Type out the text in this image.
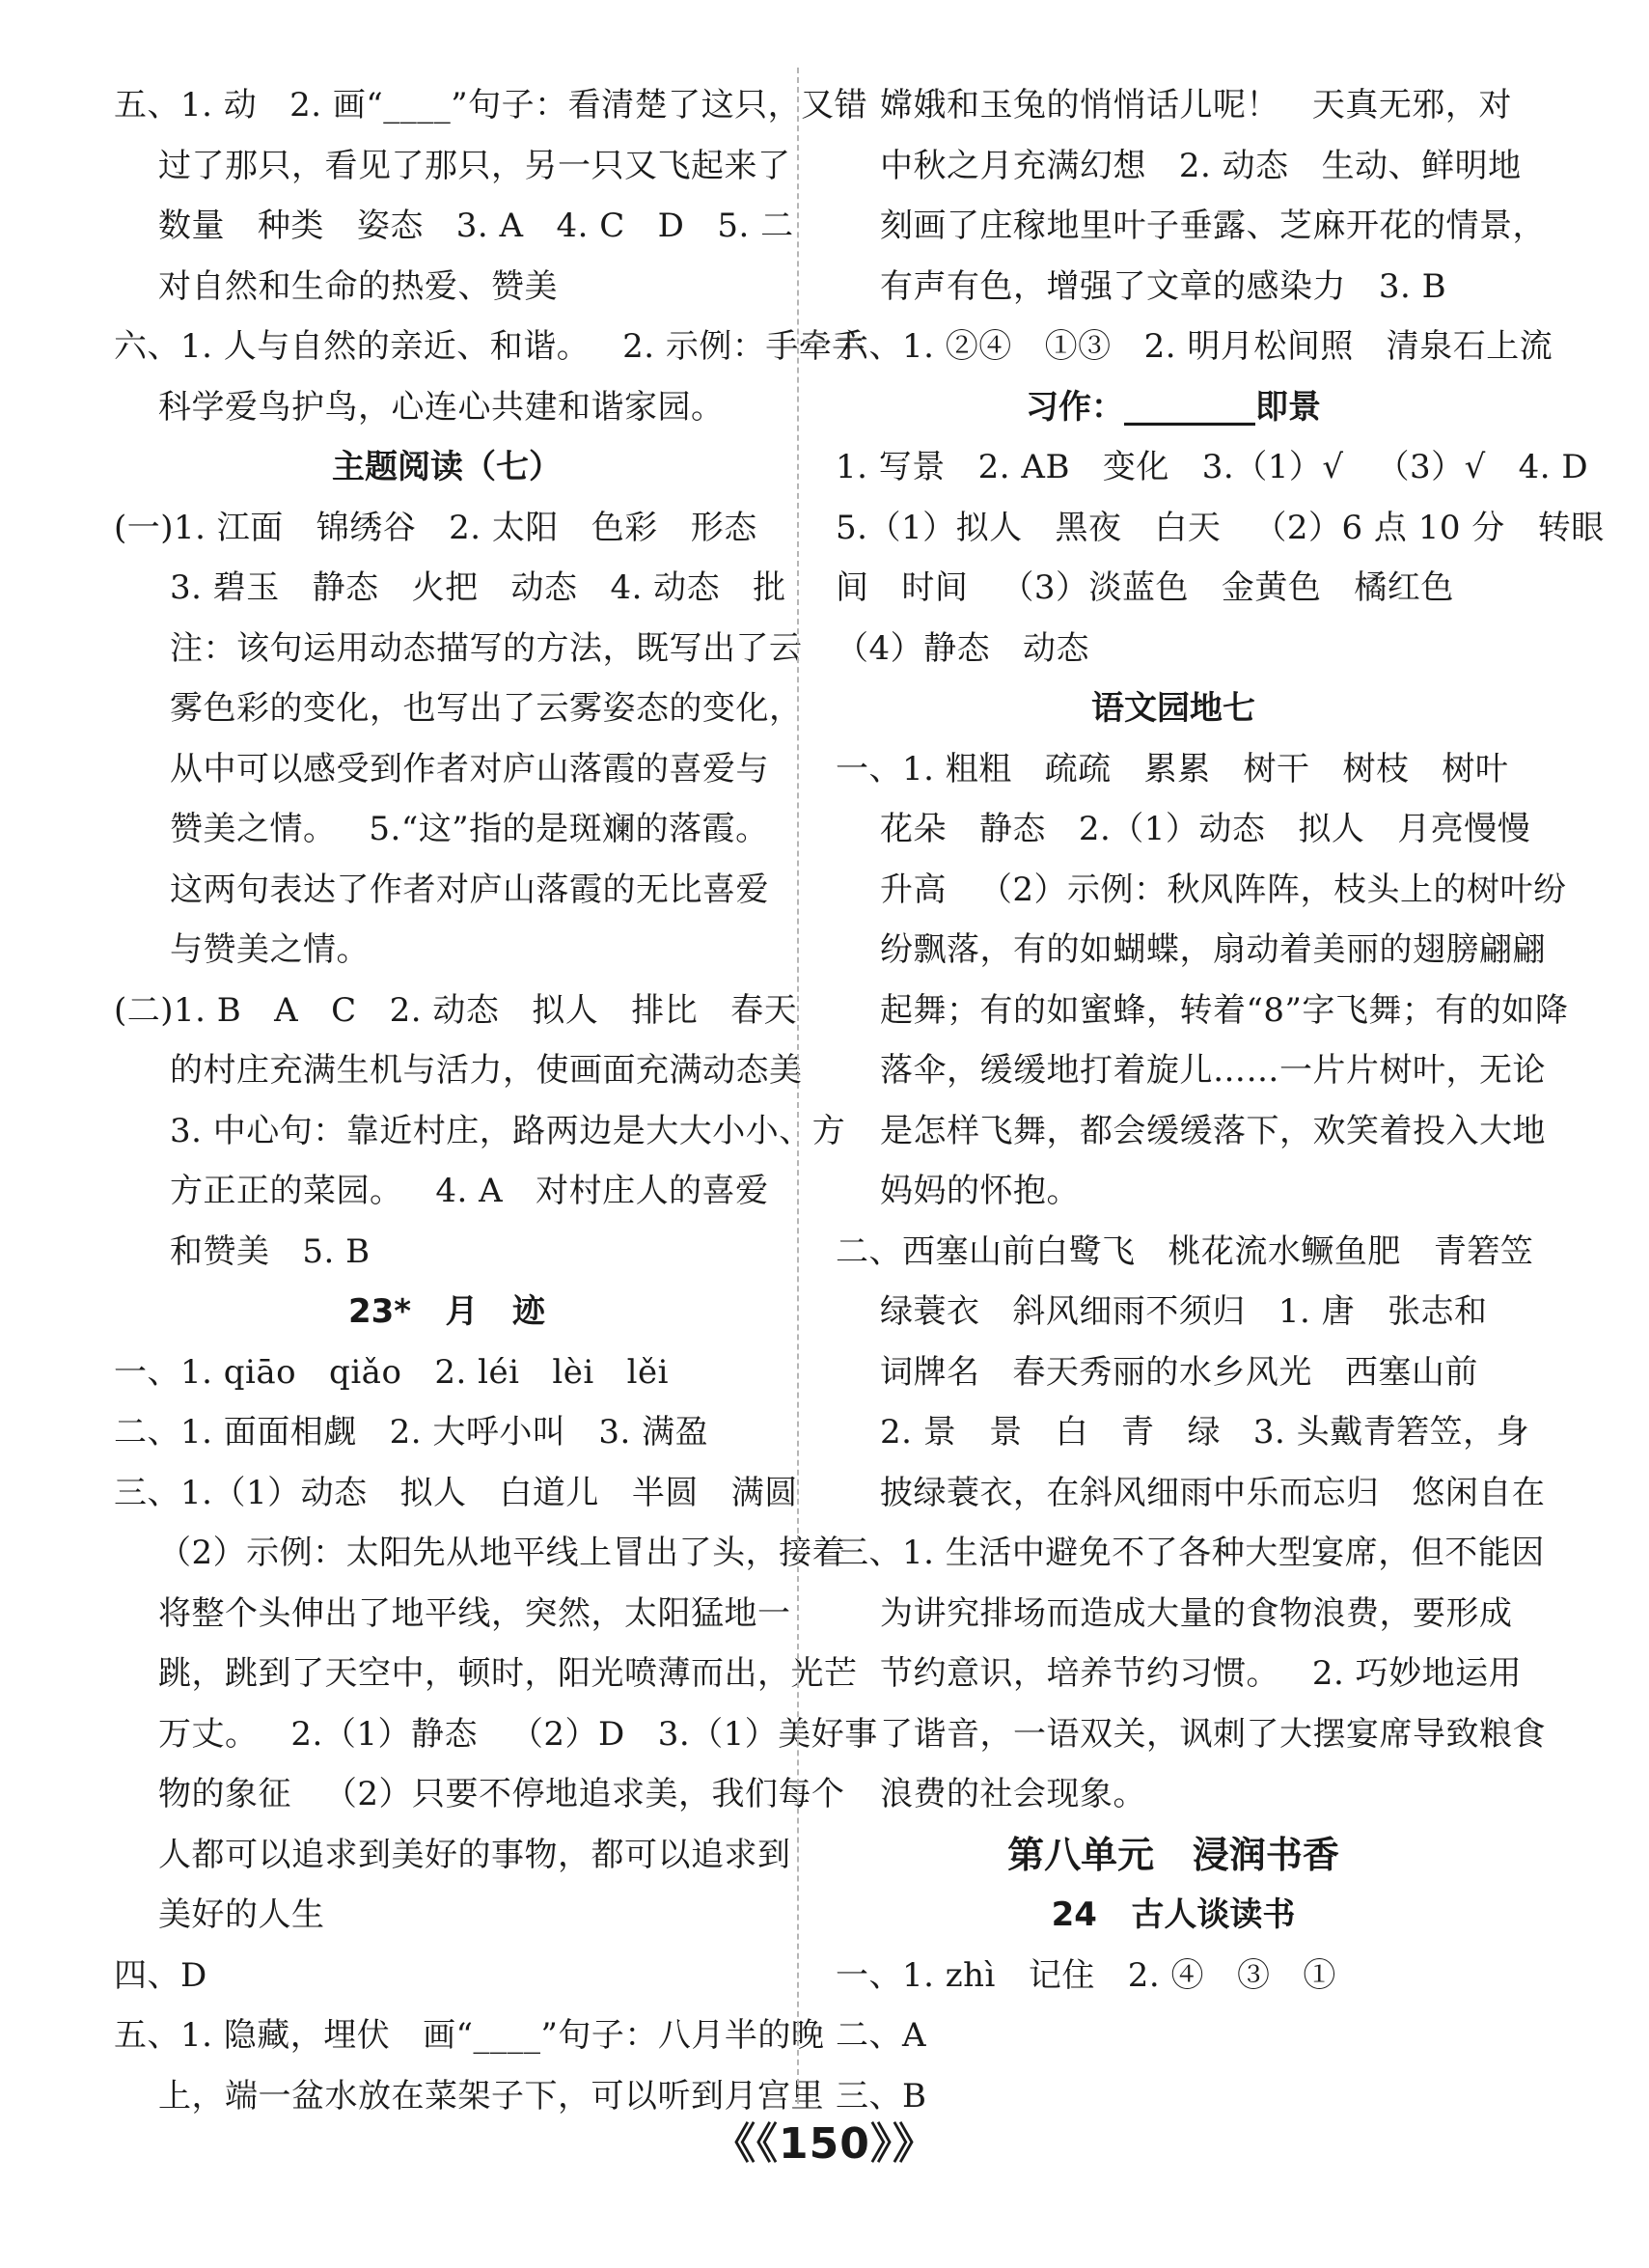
五、1. 动   2. 画“____”句子：看清楚了这只，又错
过了那只，看见了那只，另一只又飞起来了
数量   种类   姿态   3. A   4. C   D   5. 二
对自然和生命的热爱、赞美
六、1. 人与自然的亲近、和谐。   2. 示例：手牵手
科学爱鸟护鸟，心连心共建和谐家园。
主题阅读（七）
(一)1. 江面   锦绣谷   2. 太阳   色彩   形态
3. 碧玉   静态   火把   动态   4. 动态   批
注：该句运用动态描写的方法，既写出了云
雾色彩的变化，也写出了云雾姿态的变化，
从中可以感受到作者对庐山落霞的喜爱与
赞美之情。   5.“这”指的是斑斓的落霞。
这两句表达了作者对庐山落霞的无比喜爱
与赞美之情。
(二)1. B   A   C   2. 动态   拟人   排比   春天
的村庄充满生机与活力，使画面充满动态美
3. 中心句：靠近村庄，路两边是大大小小、方
方正正的菜园。   4. A   对村庄人的喜爱
和赞美   5. B
23*   月   迹
一、1. qiāo   qiǎo   2. léi   lèi   lěi
二、1. 面面相觑   2. 大呼小叫   3. 满盈
三、1.（1）动态   拟人   白道儿   半圆   满圆
（2）示例：太阳先从地平线上冒出了头，接着
将整个头伸出了地平线，突然，太阳猛地一
跳，跳到了天空中，顿时，阳光喷薄而出，光芒
万丈。   2.（1）静态   （2）D   3.（1）美好事
物的象征   （2）只要不停地追求美，我们每个
人都可以追求到美好的事物，都可以追求到
美好的人生
四、D
五、1. 隐藏，埋伏   画“____”句子：八月半的晚
上，端一盆水放在菜架子下，可以听到月宫里
嫦娥和玉兔的悄悄话儿呢！   天真无邪，对
中秋之月充满幻想   2. 动态   生动、鲜明地
刻画了庄稼地里叶子垂露、芝麻开花的情景，
有声有色，增强了文章的感染力   3. B
六、1. ②④   ①③   2. 明月松间照   清泉石上流
习作：________即景
1. 写景   2. AB   变化   3.（1）√   （3）√   4. D
5.（1）拟人   黑夜   白天   （2）6 点 10 分   转眼
间   时间   （3）淡蓝色   金黄色   橘红色
（4）静态   动态
语文园地七
一、1. 粗粗   疏疏   累累   树干   树枝   树叶
花朵   静态   2.（1）动态   拟人   月亮慢慢
升高   （2）示例：秋风阵阵，枝头上的树叶纷
纷飘落，有的如蝴蝶，扇动着美丽的翅膀翩翩
起舞；有的如蜜蜂，转着“8”字飞舞；有的如降
落伞，缓缓地打着旋儿……一片片树叶，无论
是怎样飞舞，都会缓缓落下，欢笑着投入大地
妈妈的怀抱。
二、西塞山前白鹭飞   桃花流水鳜鱼肥   青箬笠
绿蓑衣   斜风细雨不须归   1. 唐   张志和
词牌名   春天秀丽的水乡风光   西塞山前
2. 景   景   白   青   绿   3. 头戴青箬笠，身
披绿蓑衣，在斜风细雨中乐而忘归   悠闲自在
三、1. 生活中避免不了各种大型宴席，但不能因
为讲究排场而造成大量的食物浪费，要形成
节约意识，培养节约习惯。   2. 巧妙地运用
了谐音，一语双关，讽刺了大摆宴席导致粮食
浪费的社会现象。
第八单元   浸润书香
24   古人谈读书
一、1. zhì   记住   2. ④   ③   ①
二、A
三、B
《《150》》
